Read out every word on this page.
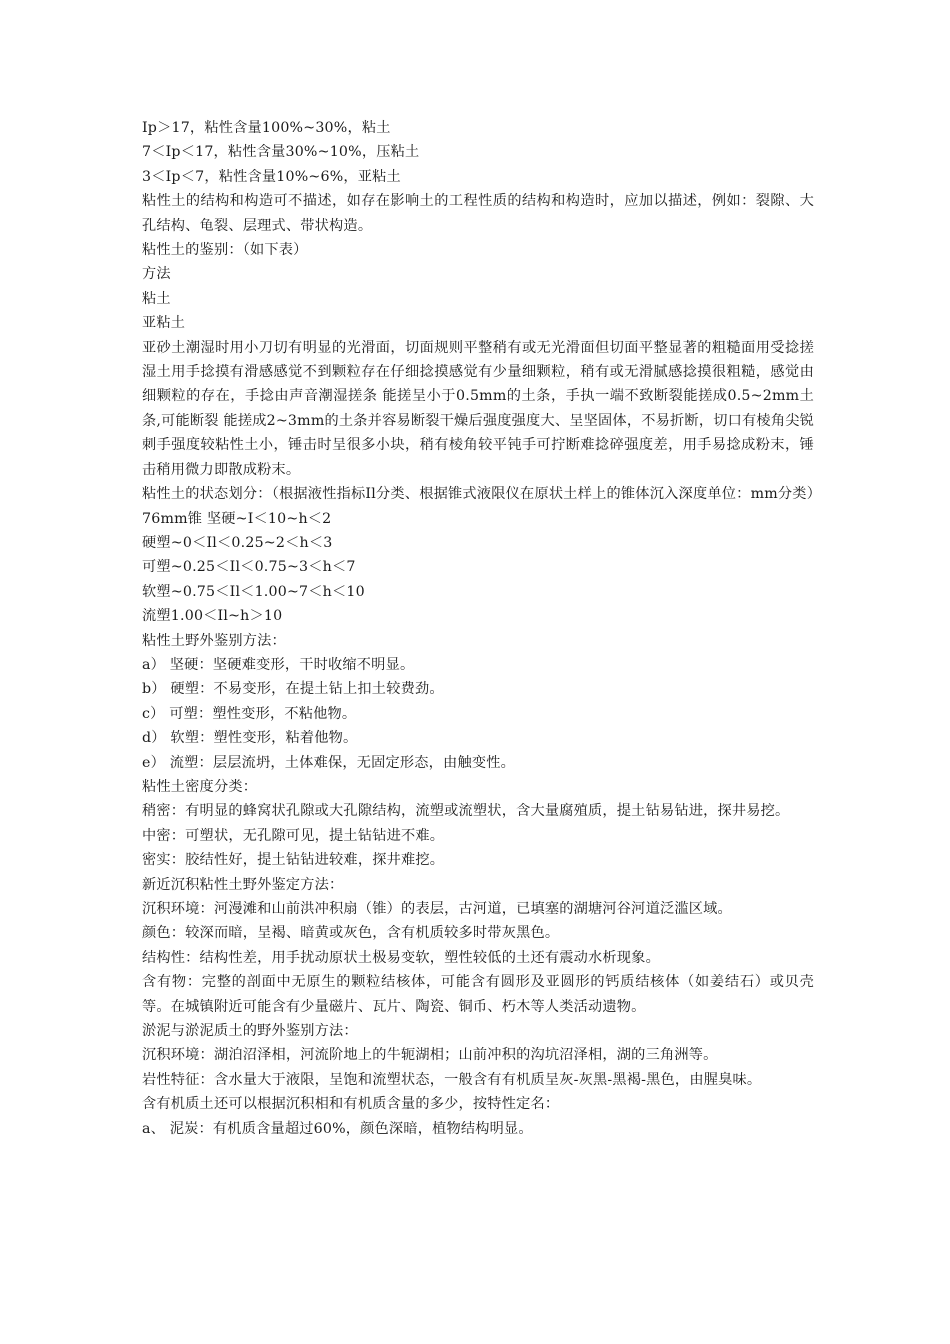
Ip＞17，粘性含量100%~30%，粘土
7＜Ip＜17，粘性含量30%~10%，压粘土
3＜Ip＜7，粘性含量10%~6%，亚粘土
粘性土的结构和构造可不描述，如存在影响土的工程性质的结构和构造时，应加以描述，例如：裂隙、大孔结构、龟裂、层理式、带状构造。
粘性土的鉴别：（如下表）
方法
粘土
亚粘土
亚砂土潮湿时用小刀切有明显的光滑面，切面规则平整稍有或无光滑面但切面平整显著的粗糙面用受捻搓湿土用手捻摸有滑感感觉不到颗粒存在仔细捻摸感觉有少量细颗粒，稍有或无滑腻感捻摸很粗糙，感觉由细颗粒的存在，手捻由声音潮湿搓条 能搓呈小于0.5mm的土条，手执一端不致断裂能搓成0.5~2mm土条,可能断裂 能搓成2~3mm的土条并容易断裂干燥后强度强度大、呈坚固体，不易折断，切口有棱角尖锐刺手强度较粘性土小，锤击时呈很多小块，稍有棱角较平钝手可拧断难捻碎强度差，用手易捻成粉末，锤击稍用微力即散成粉末。
粘性土的状态划分：（根据液性指标Il分类、根据锥式液限仪在原状土样上的锥体沉入深度单位：mm分类）76mm锥 坚硬~I＜10~h＜2
硬塑~0＜Il＜0.25~2＜h＜3
可塑~0.25＜Il＜0.75~3＜h＜7
软塑~0.75＜Il＜1.00~7＜h＜10
流塑1.00＜Il~h＞10
粘性土野外鉴别方法：
a） 坚硬：坚硬难变形，干时收缩不明显。
b） 硬塑：不易变形，在提土钻上扣土较费劲。
c） 可塑：塑性变形，不粘他物。
d） 软塑：塑性变形，粘着他物。
e） 流塑：层层流坍，土体难保，无固定形态，由触变性。
粘性土密度分类：
稍密：有明显的蜂窝状孔隙或大孔隙结构，流塑或流塑状，含大量腐殖质，提土钻易钻进，探井易挖。
中密：可塑状，无孔隙可见，提土钻钻进不难。
密实：胶结性好，提土钻钻进较难，探井难挖。
新近沉积粘性土野外鉴定方法：
沉积环境：河漫滩和山前洪冲积扇（锥）的表层，古河道，已填塞的湖塘河谷河道泛滥区域。
颜色：较深而暗，呈褐、暗黄或灰色，含有机质较多时带灰黑色。
结构性：结构性差，用手扰动原状土极易变软，塑性较低的土还有震动水析现象。
含有物：完整的剖面中无原生的颗粒结核体，可能含有圆形及亚圆形的钙质结核体（如姜结石）或贝壳等。在城镇附近可能含有少量磁片、瓦片、陶瓷、铜币、朽木等人类活动遗物。
淤泥与淤泥质土的野外鉴别方法：
沉积环境：湖泊沼泽相，河流阶地上的牛轭湖相；山前冲积的沟坑沼泽相，湖的三角洲等。
岩性特征：含水量大于液限，呈饱和流塑状态，一般含有有机质呈灰-灰黑-黑褐-黑色，由腥臭味。
含有机质土还可以根据沉积相和有机质含量的多少，按特性定名：
a、 泥炭：有机质含量超过60%，颜色深暗，植物结构明显。
